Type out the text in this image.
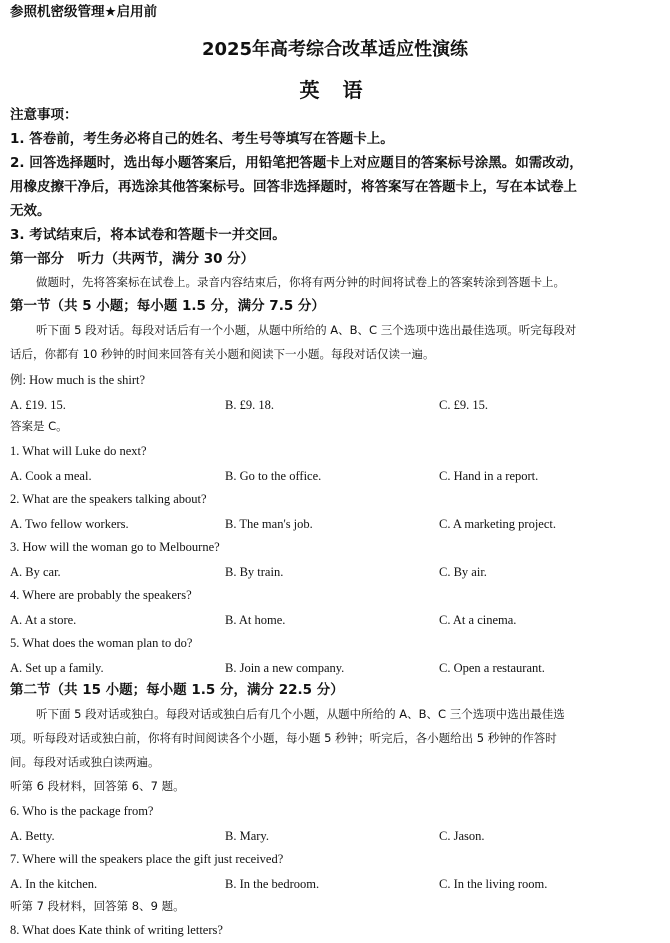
参照机密级管理★启用前
2025年高考综合改革适应性演练
英 语
注意事项：
1. 答卷前，考生务必将自己的姓名、考生号等填写在答题卡上。
2. 回答选择题时，选出每小题答案后，用铅笔把答题卡上对应题目的答案标号涂黑。如需改动，
用橡皮擦干净后，再选涂其他答案标号。回答非选择题时，将答案写在答题卡上，写在本试卷上
无效。
3. 考试结束后，将本试卷和答题卡一并交回。
第一部分　听力（共两节，满分 30 分）
做题时，先将答案标在试卷上。录音内容结束后，你将有两分钟的时间将试卷上的答案转涂到答题卡上。
第一节（共 5 小题；每小题 1.5 分，满分 7.5 分）
听下面 5 段对话。每段对话后有一个小题，从题中所给的 A、B、C 三个选项中选出最佳选项。听完每段对
话后，你都有 10 秒钟的时间来回答有关小题和阅读下一小题。每段对话仅读一遍。
例: How much is the shirt?
A. £19. 15.	B. £9. 18.	C. £9. 15.
答案是 C。
1. What will Luke do next?
A. Cook a meal.	B. Go to the office.	C. Hand in a report.
2. What are the speakers talking about?
A. Two fellow workers.	B. The man's job.	C. A marketing project.
3. How will the woman go to Melbourne?
A. By car.	B. By train.	C. By air.
4. Where are probably the speakers?
A. At a store.	B. At home.	C. At a cinema.
5. What does the woman plan to do?
A. Set up a family.	B. Join a new company.	C. Open a restaurant.
第二节（共 15 小题；每小题 1.5 分，满分 22.5 分）
听下面 5 段对话或独白。每段对话或独白后有几个小题，从题中所给的 A、B、C 三个选项中选出最佳选
项。听每段对话或独白前，你将有时间阅读各个小题，每小题 5 秒钟；听完后，各小题给出 5 秒钟的作答时
间。每段对话或独白读两遍。
听第 6 段材料，回答第 6、7 题。
6. Who is the package from?
A. Betty.	B. Mary.	C. Jason.
7. Where will the speakers place the gift just received?
A. In the kitchen.	B. In the bedroom.	C. In the living room.
听第 7 段材料，回答第 8、9 题。
8. What does Kate think of writing letters?
